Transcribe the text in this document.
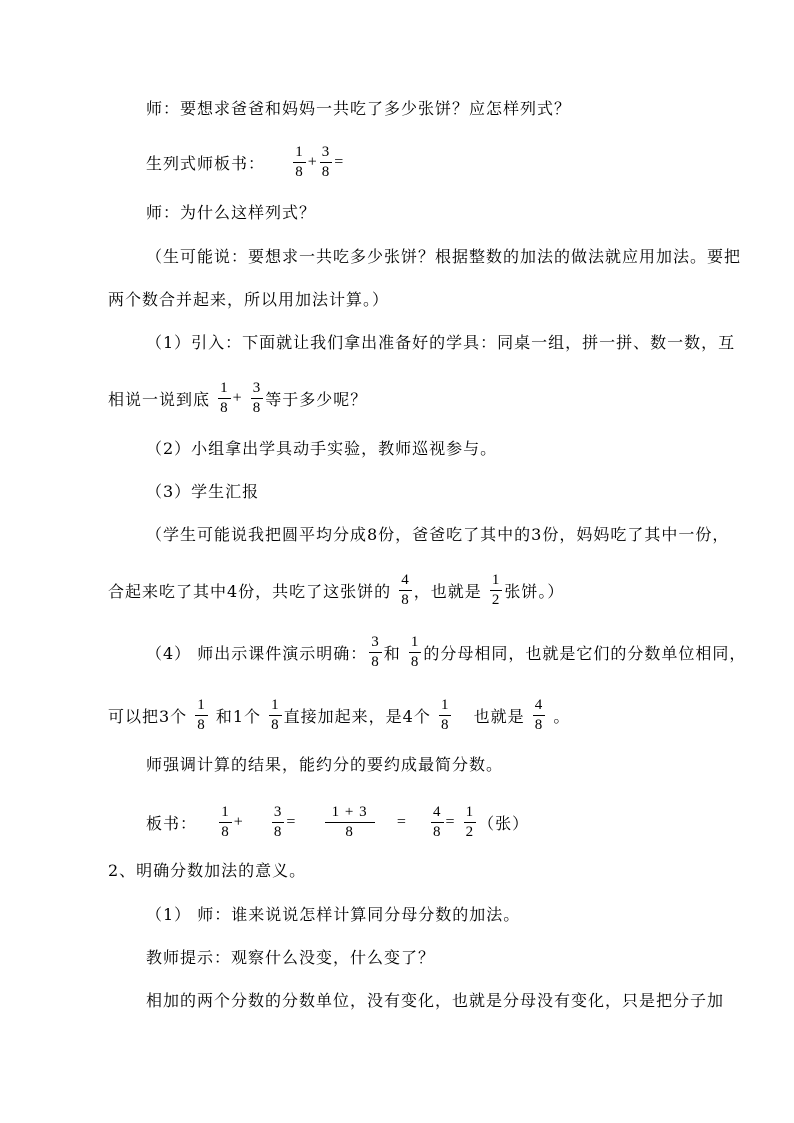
师：要想求爸爸和妈妈一共吃了多少张饼？应怎样列式？
生列式师板书： $\frac{1}{8} + \frac{3}{8}$ =
师：为什么这样列式？
（生可能说：要想求一共吃多少张饼？根据整数的加法的做法就应用加法。要把
两个数合并起来，所以用加法计算。）
（1）引入：下面就让我们拿出准备好的学具：同桌一组，拼一拼、数一数，互
相说一说到底 $\frac{1}{8} + \frac{3}{8}$ 等于多少呢？
（2）小组拿出学具动手实验，教师巡视参与。
（3）学生汇报
（学生可能说我把圆平均分成8份，爸爸吃了其中的3份，妈妈吃了其中一份，
合起来吃了其中4份，共吃了这张饼的 $\frac{4}{8}$ ，也就是 $\frac{1}{2}$ 张饼。）
（4） 师出示课件演示明确： $\frac{3}{8}$ 和 $\frac{1}{8}$ 的分母相同，也就是它们的分数单位相同，
可以把3个 $\frac{1}{8}$ 和1个 $\frac{1}{8}$ 直接加起来，是4个 $\frac{1}{8}$ 也就是 $\frac{4}{8}$ 。
师强调计算的结果，能约分的要约成最简分数。
板书： $\frac{1}{8} + \frac{3}{8} = \frac{1 + 3}{8} = \frac{4}{8} = \frac{1}{2}$ （张）
2、明确分数加法的意义。
（1） 师：谁来说说怎样计算同分母分数的加法。
教师提示：观察什么没变，什么变了？
相加的两个分数的分数单位，没有变化，也就是分母没有变化，只是把分子加
